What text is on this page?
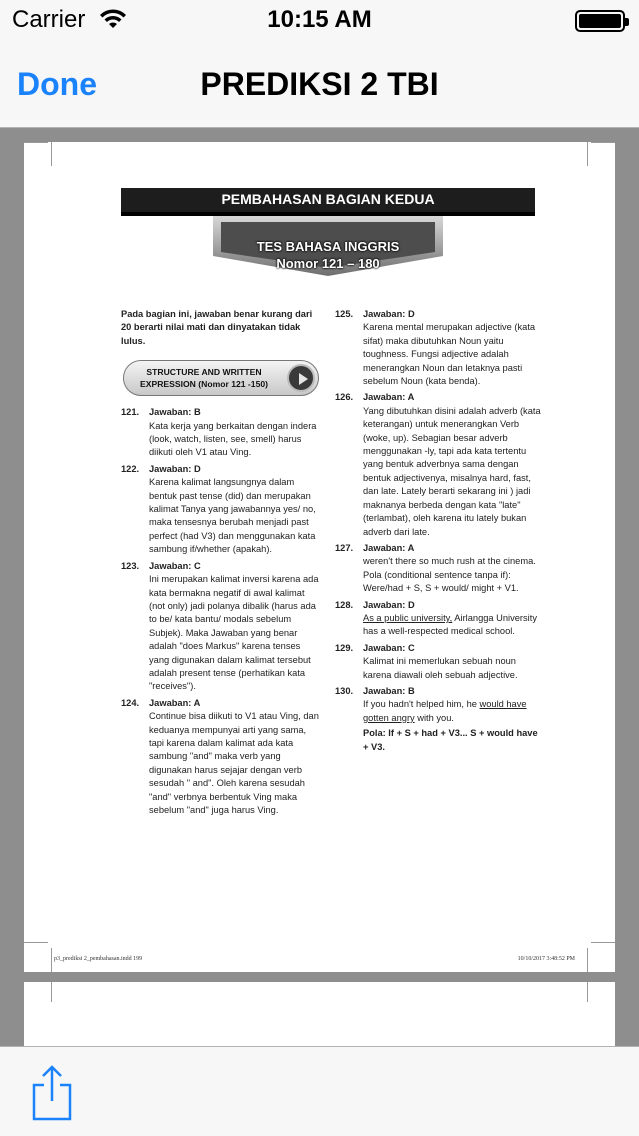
Carrier	10:15 AM
Done	PREDIKSI 2 TBI
PEMBAHASAN BAGIAN KEDUA
TES BAHASA INGGRIS
Nomor 121 – 180
Pada bagian ini, jawaban benar kurang dari 20 berarti nilai mati dan dinyatakan tidak lulus.
STRUCTURE AND WRITTEN EXPRESSION (Nomor 121 -150)
121. Jawaban: B
Kata kerja yang berkaitan dengan indera (look, watch, listen, see, smell) harus diikuti oleh V1 atau Ving.
122. Jawaban: D
Karena kalimat langsungnya dalam bentuk past tense (did) dan merupakan kalimat Tanya yang jawabannya yes/ no, maka tensesnya berubah menjadi past perfect (had V3) dan menggunakan kata sambung if/whether (apakah).
123. Jawaban: C
Ini merupakan kalimat inversi karena ada kata bermakna negatif di awal kalimat (not only) jadi polanya dibalik (harus ada to be/ kata bantu/ modals sebelum Subjek). Maka Jawaban yang benar adalah "does Markus" karena tenses yang digunakan dalam kalimat tersebut adalah present tense (perhatikan kata "receives").
124. Jawaban: A
Continue bisa diikuti to V1 atau Ving, dan keduanya mempunyai arti yang sama, tapi karena dalam kalimat ada kata sambung "and" maka verb yang digunakan harus sejajar dengan verb sesudah " and". Oleh karena sesudah "and" verbnya berbentuk Ving maka sebelum "and" juga harus Ving.
125. Jawaban: D
Karena mental merupakan adjective (kata sifat) maka dibutuhkan Noun yaitu toughness. Fungsi adjective adalah menerangkan Noun dan letaknya pasti sebelum Noun (kata benda).
126. Jawaban: A
Yang dibutuhkan disini adalah adverb (kata keterangan) untuk menerangkan Verb (woke, up). Sebagian besar adverb menggunakan -ly, tapi ada kata tertentu yang bentuk adverbnya sama dengan bentuk adjectivenya, misalnya hard, fast, dan late. Lately berarti sekarang ini ) jadi maknanya berbeda dengan kata "late" (terlambat), oleh karena itu lately bukan adverb dari late.
127. Jawaban: A
weren't there so much rush at the cinema. Pola (conditional sentence tanpa if): Were/had + S, S + would/ might + V1.
128. Jawaban: D
As a public university, Airlangga University has a well-respected medical school.
129. Jawaban: C
Kalimat ini memerlukan sebuah noun karena diawali oleh sebuah adjective.
130. Jawaban: B
If you hadn't helped him, he would have gotten angry with you.
Pola: If + S + had + V3... S + would have + V3.
p3_prediksi 2_pembahasan.indd 199	10/10/2017 3:48:52 PM
